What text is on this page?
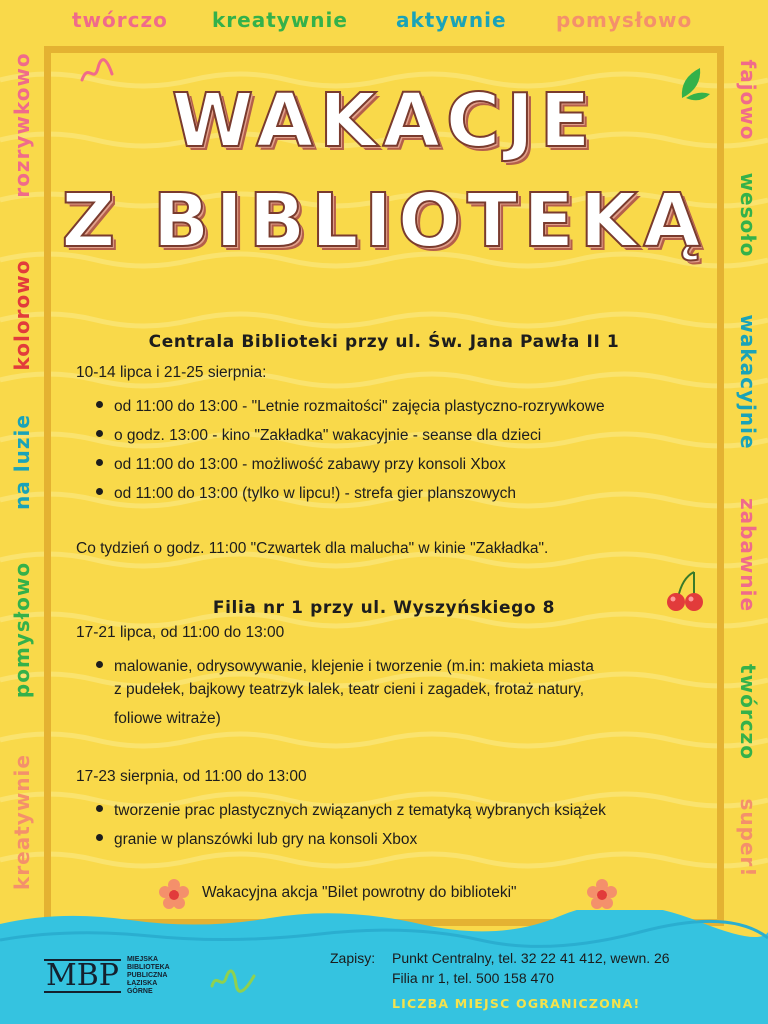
twórczo kreatywnie aktywnie pomysłowo
rozrywkowo
kolorowo
na luzie
pomysłowo
kreatywnie
fajowo
wesoło
wakacyjnie
zabawnie
twórczo
super!
WAKACJE
Z BIBLIOTEKĄ
Centrala Biblioteki przy ul. Św. Jana Pawła II 1
10-14 lipca i 21-25 sierpnia:
od 11:00 do 13:00 - "Letnie rozmaitości" zajęcia plastyczno-rozrywkowe
o godz. 13:00 - kino "Zakładka" wakacyjnie - seanse dla dzieci
od 11:00 do 13:00 - możliwość zabawy przy konsoli Xbox
od 11:00 do 13:00 (tylko w lipcu!) - strefa gier planszowych
Co tydzień o godz. 11:00 "Czwartek dla malucha" w kinie "Zakładka".
Filia nr 1 przy ul. Wyszyńskiego 8
17-21 lipca, od 11:00 do 13:00
malowanie, odrysowywanie, klejenie i tworzenie (m.in: makieta miasta
z pudełek, bajkowy teatrzyk lalek, teatr cieni i zagadek, frotaż natury,
foliowe witraże)
17-23 sierpnia, od 11:00 do 13:00
tworzenie prac plastycznych związanych z tematyką wybranych książek
granie w planszówki lub gry na konsoli Xbox
Wakacyjna akcja "Bilet powrotny do biblioteki"
MBP MIEJSKA
BIBLIOTEKA
PUBLICZNA
ŁAZISKA
GÓRNE
Zapisy: Punkt Centralny, tel. 32 22 41 412, wewn. 26
Filia nr 1, tel. 500 158 470
LICZBA MIEJSC OGRANICZONA!
